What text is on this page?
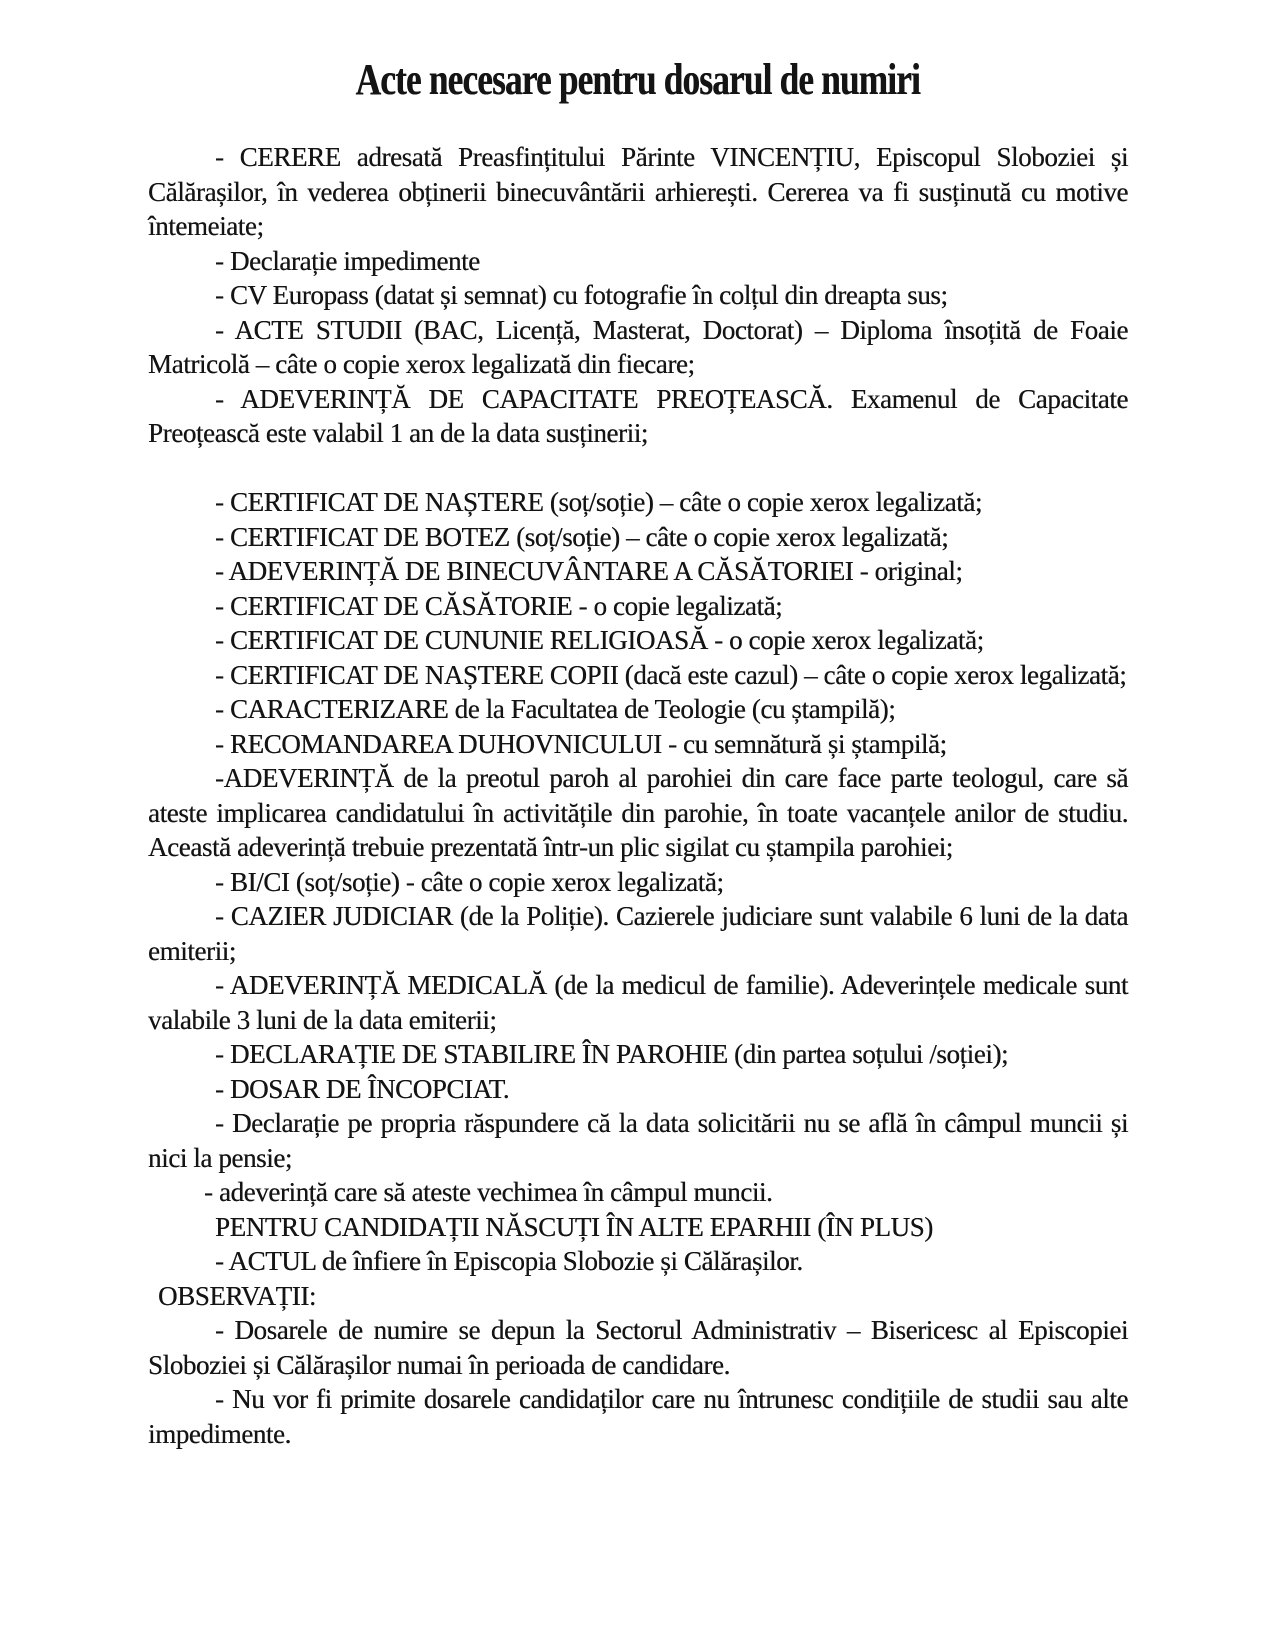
Acte necesare pentru dosarul de numiri

- CERERE adresată Preasfințitului Părinte VINCENȚIU, Episcopul Sloboziei și Călărașilor, în vederea obținerii binecuvântării arhierești. Cererea va fi susținută cu motive întemeiate;

- Declarație impedimente

- CV Europass (datat și semnat) cu fotografie în colțul din dreapta sus;

- ACTE STUDII (BAC, Licență, Masterat, Doctorat) – Diploma însoțită de Foaie Matricolă – câte o copie xerox legalizată din fiecare;

- ADEVERINȚĂ DE CAPACITATE PREOȚEASCĂ. Examenul de Capacitate Preoțească este valabil 1 an de la data susținerii;

- CERTIFICAT DE NAȘTERE (soț/soție) – câte o copie xerox legalizată;

- CERTIFICAT DE BOTEZ (soț/soție) – câte o copie xerox legalizată;

- ADEVERINȚĂ DE BINECUVÂNTARE A CĂSĂTORIEI - original;

- CERTIFICAT DE CĂSĂTORIE - o copie legalizată;

- CERTIFICAT DE CUNUNIE RELIGIOASĂ - o copie xerox legalizată;

- CERTIFICAT DE NAȘTERE COPII (dacă este cazul) – câte o copie xerox legalizată;

- CARACTERIZARE de la Facultatea de Teologie (cu ștampilă);

- RECOMANDAREA DUHOVNICULUI - cu semnătură și ștampilă;

-ADEVERINȚĂ de la preotul paroh al parohiei din care face parte teologul, care să ateste implicarea candidatului în activitățile din parohie, în toate vacanțele anilor de studiu. Această adeverință trebuie prezentată într-un plic sigilat cu ștampila parohiei;

- BI/CI (soț/soție) - câte o copie xerox legalizată;

- CAZIER JUDICIAR (de la Poliție). Cazierele judiciare sunt valabile 6 luni de la data emiterii;

- ADEVERINȚĂ MEDICALĂ (de la medicul de familie). Adeverințele medicale sunt valabile 3 luni de la data emiterii;

- DECLARAȚIE DE STABILIRE ÎN PAROHIE (din partea soțului /soției);

- DOSAR DE ÎNCOPCIAT.

- Declarație pe propria răspundere că la data solicitării nu se află în câmpul muncii și nici la pensie;

- adeverință care să ateste vechimea în câmpul muncii.

PENTRU CANDIDAȚII NĂSCUȚI ÎN ALTE EPARHII (ÎN PLUS)

- ACTUL de înfiere în Episcopia Slobozie și Călărașilor.

OBSERVAȚII:

- Dosarele de numire se depun la Sectorul Administrativ – Bisericesc al Episcopiei Sloboziei și Călărașilor numai în perioada de candidare.

- Nu vor fi primite dosarele candidaților care nu întrunesc condițiile de studii sau alte impedimente.
